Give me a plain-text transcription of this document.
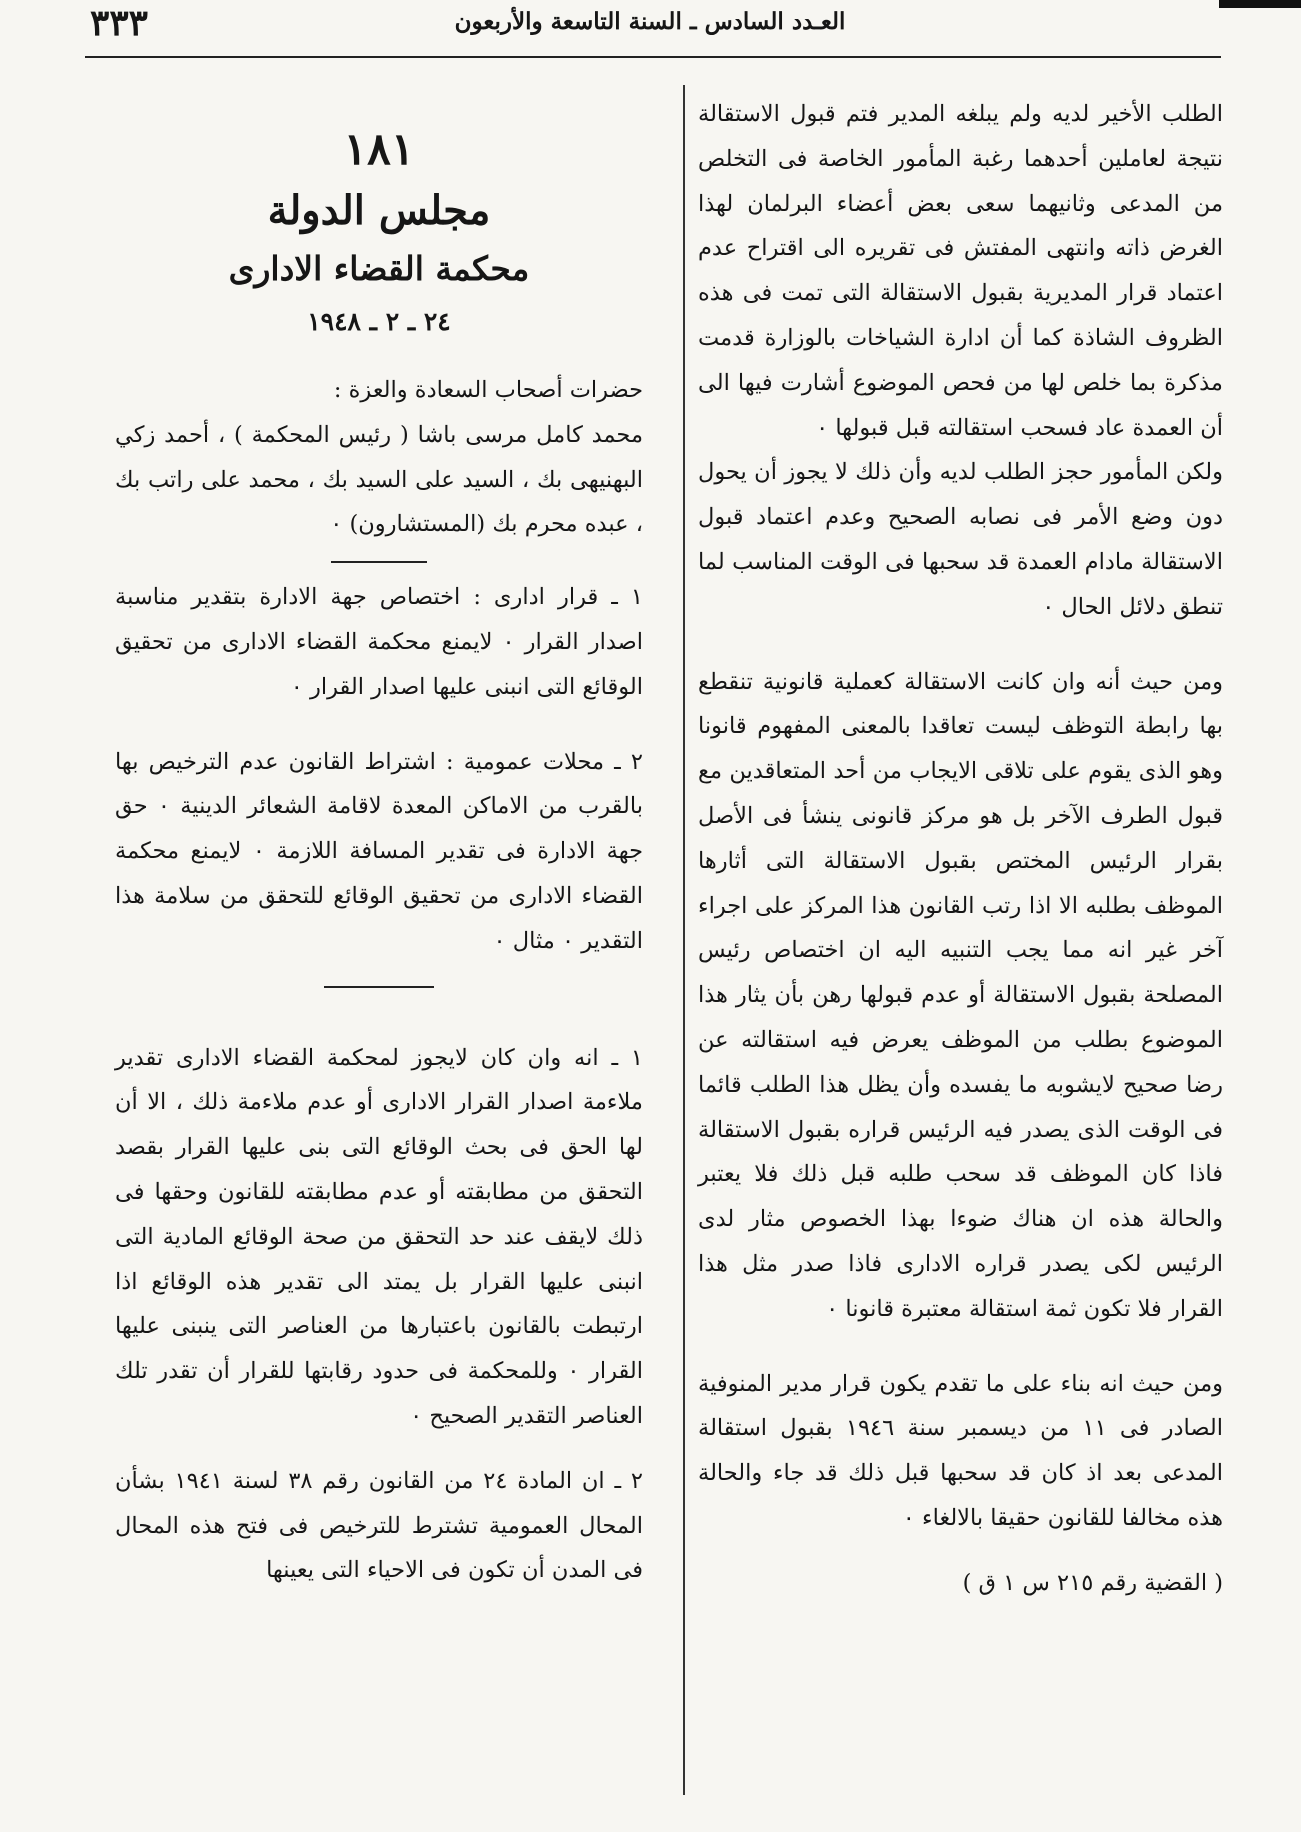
٣٣٣	العـدد السادس ـ السنة التاسعة والأربعون

الطلب الأخير لديه ولم يبلغه المدير فتم قبول الاستقالة نتيجة لعاملين أحدهما رغبة المأمور الخاصة فى التخلص من المدعى وثانيهما سعى بعض أعضاء البرلمان لهذا الغرض ذاته وانتهى المفتش فى تقريره الى اقتراح عدم اعتماد قرار المديرية بقبول الاستقالة التى تمت فى هذه الظروف الشاذة كما أن ادارة الشياخات بالوزارة قدمت مذكرة بما خلص لها من فحص الموضوع أشارت فيها الى أن العمدة عاد فسحب استقالته قبل قبولها ٠

ولكن المأمور حجز الطلب لديه وأن ذلك لا يجوز أن يحول دون وضع الأمر فى نصابه الصحيح وعدم اعتماد قبول الاستقالة مادام العمدة قد سحبها فى الوقت المناسب لما تنطق دلائل الحال ٠

ومن حيث أنه وان كانت الاستقالة كعملية قانونية تنقطع بها رابطة التوظف ليست تعاقدا بالمعنى المفهوم قانونا وهو الذى يقوم على تلاقى الايجاب من أحد المتعاقدين مع قبول الطرف الآخر بل هو مركز قانونى ينشأ فى الأصل بقرار الرئيس المختص بقبول الاستقالة التى أثارها الموظف بطلبه الا اذا رتب القانون هذا المركز على اجراء آخر غير انه مما يجب التنبيه اليه ان اختصاص رئيس المصلحة بقبول الاستقالة أو عدم قبولها رهن بأن يثار هذا الموضوع بطلب من الموظف يعرض فيه استقالته عن رضا صحيح لايشوبه ما يفسده وأن يظل هذا الطلب قائما فى الوقت الذى يصدر فيه الرئيس قراره بقبول الاستقالة فاذا كان الموظف قد سحب طلبه قبل ذلك فلا يعتبر والحالة هذه ان هناك ضوءا بهذا الخصوص مثار لدى الرئيس لكى يصدر قراره الادارى فاذا صدر مثل هذا القرار فلا تكون ثمة استقالة معتبرة قانونا ٠

ومن حيث انه بناء على ما تقدم يكون قرار مدير المنوفية الصادر فى ١١ من ديسمبر سنة ١٩٤٦ بقبول استقالة المدعى بعد اذ كان قد سحبها قبل ذلك قد جاء والحالة هذه مخالفا للقانون حقيقا بالالغاء ٠

( القضية رقم ٢١٥ س ١ ق )

١٨١
مجلس الدولة
محكمة القضاء الادارى
٢٤ ـ ٢ ـ ١٩٤٨

حضرات أصحاب السعادة والعزة :

محمد كامل مرسى باشا ( رئيس المحكمة ) ، أحمد زكي البهنيهى بك ، السيد على السيد بك ، محمد على راتب بك ، عبده محرم بك (المستشارون) ٠

١ ـ قرار ادارى : اختصاص جهة الادارة بتقدير مناسبة اصدار القرار ٠ لايمنع محكمة القضاء الادارى من تحقيق الوقائع التى انبنى عليها اصدار القرار ٠

٢ ـ محلات عمومية : اشتراط القانون عدم الترخيص بها بالقرب من الاماكن المعدة لاقامة الشعائر الدينية ٠ حق جهة الادارة فى تقدير المسافة اللازمة ٠ لايمنع محكمة القضاء الادارى من تحقيق الوقائع للتحقق من سلامة هذا التقدير ٠ مثال ٠

١ ـ انه وان كان لايجوز لمحكمة القضاء الادارى تقدير ملاءمة اصدار القرار الادارى أو عدم ملاءمة ذلك ، الا أن لها الحق فى بحث الوقائع التى بنى عليها القرار بقصد التحقق من مطابقته أو عدم مطابقته للقانون وحقها فى ذلك لايقف عند حد التحقق من صحة الوقائع المادية التى انبنى عليها القرار بل يمتد الى تقدير هذه الوقائع اذا ارتبطت بالقانون باعتبارها من العناصر التى ينبنى عليها القرار ٠ وللمحكمة فى حدود رقابتها للقرار أن تقدر تلك العناصر التقدير الصحيح ٠

٢ ـ ان المادة ٢٤ من القانون رقم ٣٨ لسنة ١٩٤١ بشأن المحال العمومية تشترط للترخيص فى فتح هذه المحال فى المدن أن تكون فى الاحياء التى يعينها
